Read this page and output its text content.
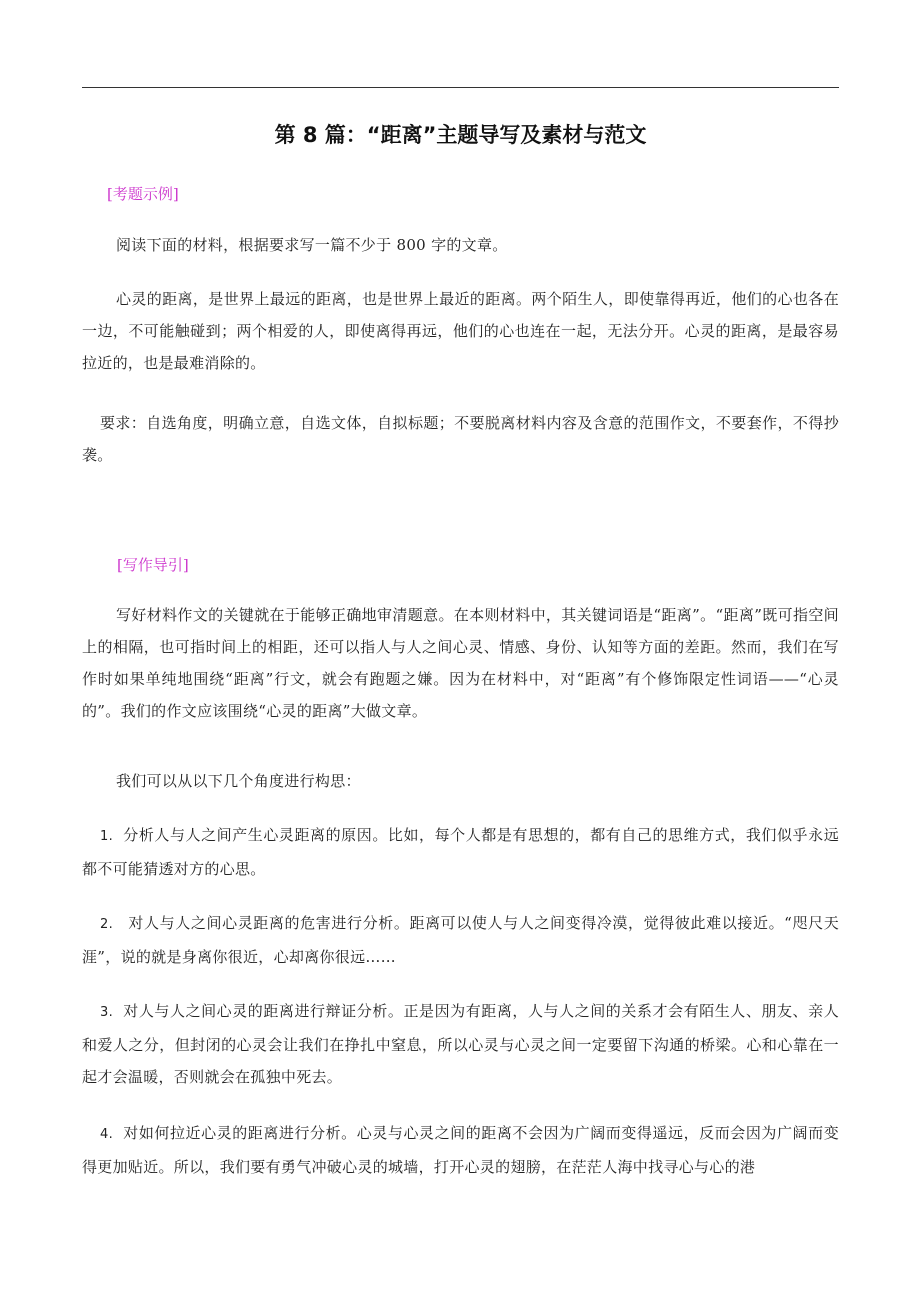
第 8 篇：“距离”主题导写及素材与范文
[考题示例]
阅读下面的材料，根据要求写一篇不少于 800 字的文章。
心灵的距离，是世界上最远的距离，也是世界上最近的距离。两个陌生人，即使靠得再近，他们的心也各在一边，不可能触碰到；两个相爱的人，即使离得再远，他们的心也连在一起，无法分开。心灵的距离，是最容易拉近的，也是最难消除的。
要求：自选角度，明确立意，自选文体，自拟标题；不要脱离材料内容及含意的范围作文，不要套作，不得抄袭。
[写作导引]
写好材料作文的关键就在于能够正确地审清题意。在本则材料中，其关键词语是“距离”。“距离”既可指空间上的相隔，也可指时间上的相距，还可以指人与人之间心灵、情感、身份、认知等方面的差距。然而，我们在写作时如果单纯地围绕“距离”行文，就会有跑题之嫌。因为在材料中，对“距离”有个修饰限定性词语——“心灵的”。我们的作文应该围绕“心灵的距离”大做文章。
我们可以从以下几个角度进行构思：
1. 分析人与人之间产生心灵距离的原因。比如，每个人都是有思想的，都有自己的思维方式，我们似乎永远都不可能猜透对方的心思。
2. 对人与人之间心灵距离的危害进行分析。距离可以使人与人之间变得冷漠，觉得彼此难以接近。“咫尺天涯”，说的就是身离你很近，心却离你很远……
3. 对人与人之间心灵的距离进行辩证分析。正是因为有距离，人与人之间的关系才会有陌生人、朋友、亲人和爱人之分，但封闭的心灵会让我们在挣扎中窒息，所以心灵与心灵之间一定要留下沟通的桥梁。心和心靠在一起才会温暖，否则就会在孤独中死去。
4. 对如何拉近心灵的距离进行分析。心灵与心灵之间的距离不会因为广阔而变得遥远，反而会因为广阔而变得更加贴近。所以，我们要有勇气冲破心灵的城墙，打开心灵的翅膀，在茫茫人海中找寻心与心的港
